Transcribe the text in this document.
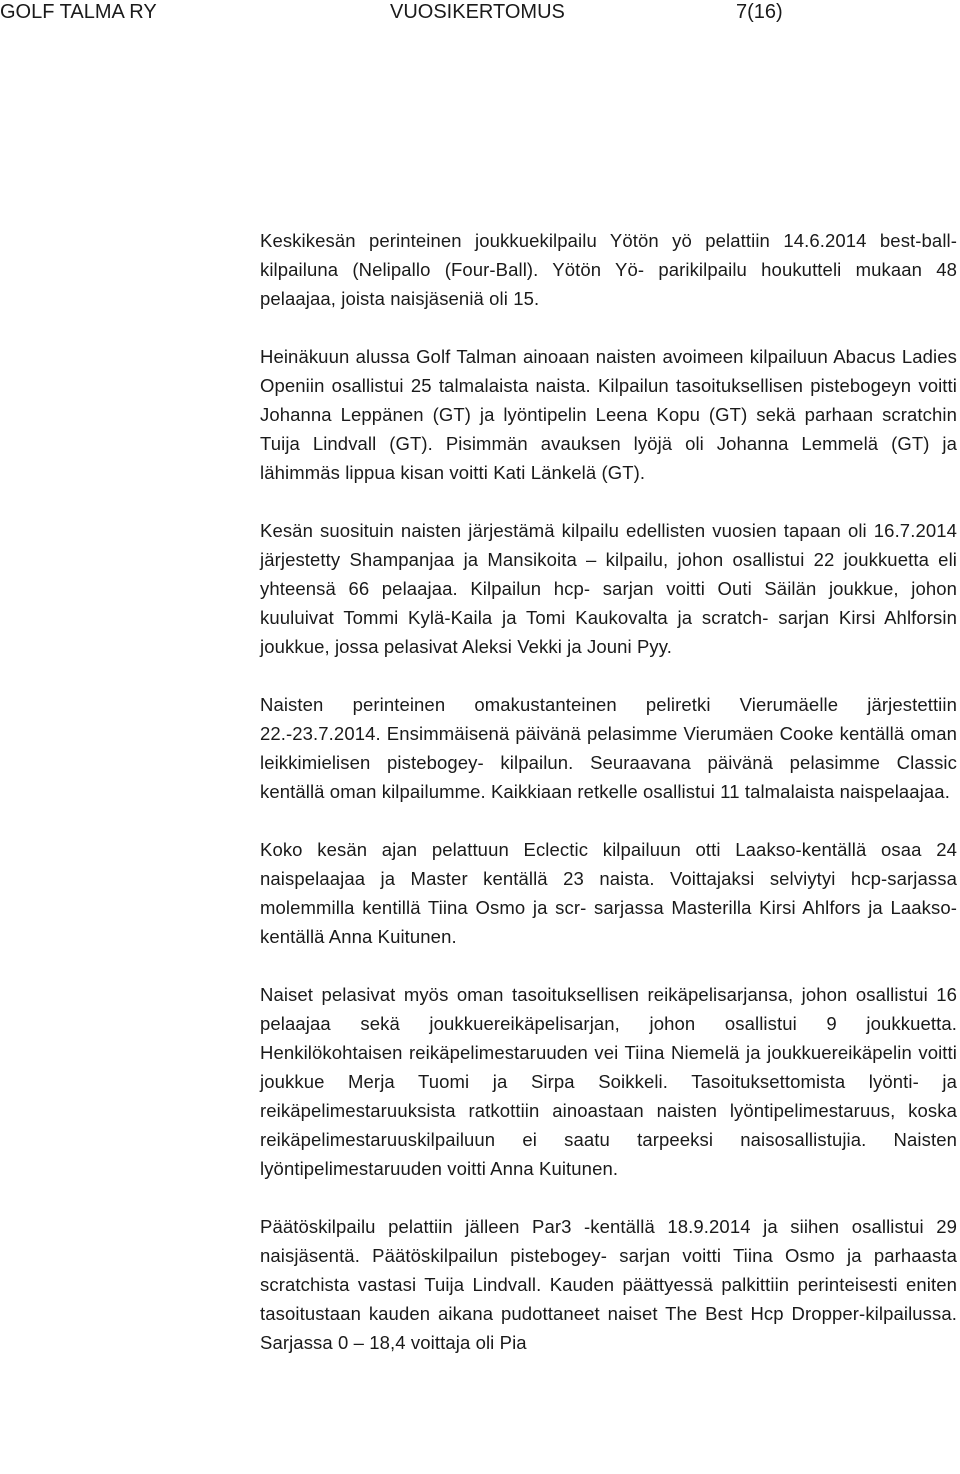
GOLF TALMA RY	VUOSIKERTOMUS	7(16)

Keskikesän perinteinen joukkuekilpailu Yötön yö pelattiin 14.6.2014 best-ball- kilpailuna (Nelipallo (Four-Ball). Yötön Yö- parikilpailu houkutteli mukaan 48 pelaajaa, joista naisjäseniä oli 15.

Heinäkuun alussa Golf Talman ainoaan naisten avoimeen kilpailuun Abacus Ladies Openiin osallistui 25 talmalaista naista. Kilpailun tasoituksellisen pistebogeyn voitti Johanna Leppänen (GT) ja lyöntipelin Leena Kopu (GT) sekä parhaan scratchin Tuija Lindvall (GT). Pisimmän avauksen lyöjä oli Johanna Lemmelä (GT) ja lähimmäs lippua kisan voitti Kati Länkelä (GT).

Kesän suosituin naisten järjestämä kilpailu edellisten vuosien tapaan oli 16.7.2014 järjestetty Shampanjaa ja Mansikoita – kilpailu, johon osallistui 22 joukkuetta eli yhteensä 66 pelaajaa. Kilpailun hcp- sarjan voitti Outi Säilän joukkue, johon kuuluivat Tommi Kylä-Kaila ja Tomi Kaukovalta ja scratch- sarjan Kirsi Ahlforsin joukkue, jossa pelasivat Aleksi Vekki ja Jouni Pyy.

Naisten perinteinen omakustanteinen peliretki Vierumäelle järjestettiin 22.-23.7.2014. Ensimmäisenä päivänä pelasimme Vierumäen Cooke kentällä oman leikkimielisen pistebogey- kilpailun. Seuraavana päivänä pelasimme Classic kentällä oman kilpailumme. Kaikkiaan retkelle osallistui 11 talmalaista naispelaajaa.

Koko kesän ajan pelattuun Eclectic kilpailuun otti Laakso-kentällä osaa 24 naispelaajaa ja Master kentällä 23 naista. Voittajaksi selviytyi hcp-sarjassa molemmilla kentillä Tiina Osmo ja scr- sarjassa Masterilla Kirsi Ahlfors ja Laakso-kentällä Anna Kuitunen.

Naiset pelasivat myös oman tasoituksellisen reikäpelisarjansa, johon osallistui 16 pelaajaa sekä joukkuereikäpelisarjan, johon osallistui 9 joukkuetta. Henkilökohtaisen reikäpelimestaruuden vei Tiina Niemelä ja joukkuereikäpelin voitti joukkue Merja Tuomi ja Sirpa Soikkeli. Tasoituksettomista lyönti- ja reikäpelimestaruuksista ratkottiin ainoastaan naisten lyöntipelimestaruus, koska reikäpelimestaruuskilpailuun ei saatu tarpeeksi naisosallistujia. Naisten lyöntipelimestaruuden voitti Anna Kuitunen.

Päätöskilpailu pelattiin jälleen Par3 -kentällä 18.9.2014 ja siihen osallistui 29 naisjäsentä. Päätöskilpailun pistebogey- sarjan voitti Tiina Osmo ja parhaasta scratchista vastasi Tuija Lindvall. Kauden päättyessä palkittiin perinteisesti eniten tasoitustaan kauden aikana pudottaneet naiset The Best Hcp Dropper-kilpailussa. Sarjassa 0 – 18,4 voittaja oli Pia
